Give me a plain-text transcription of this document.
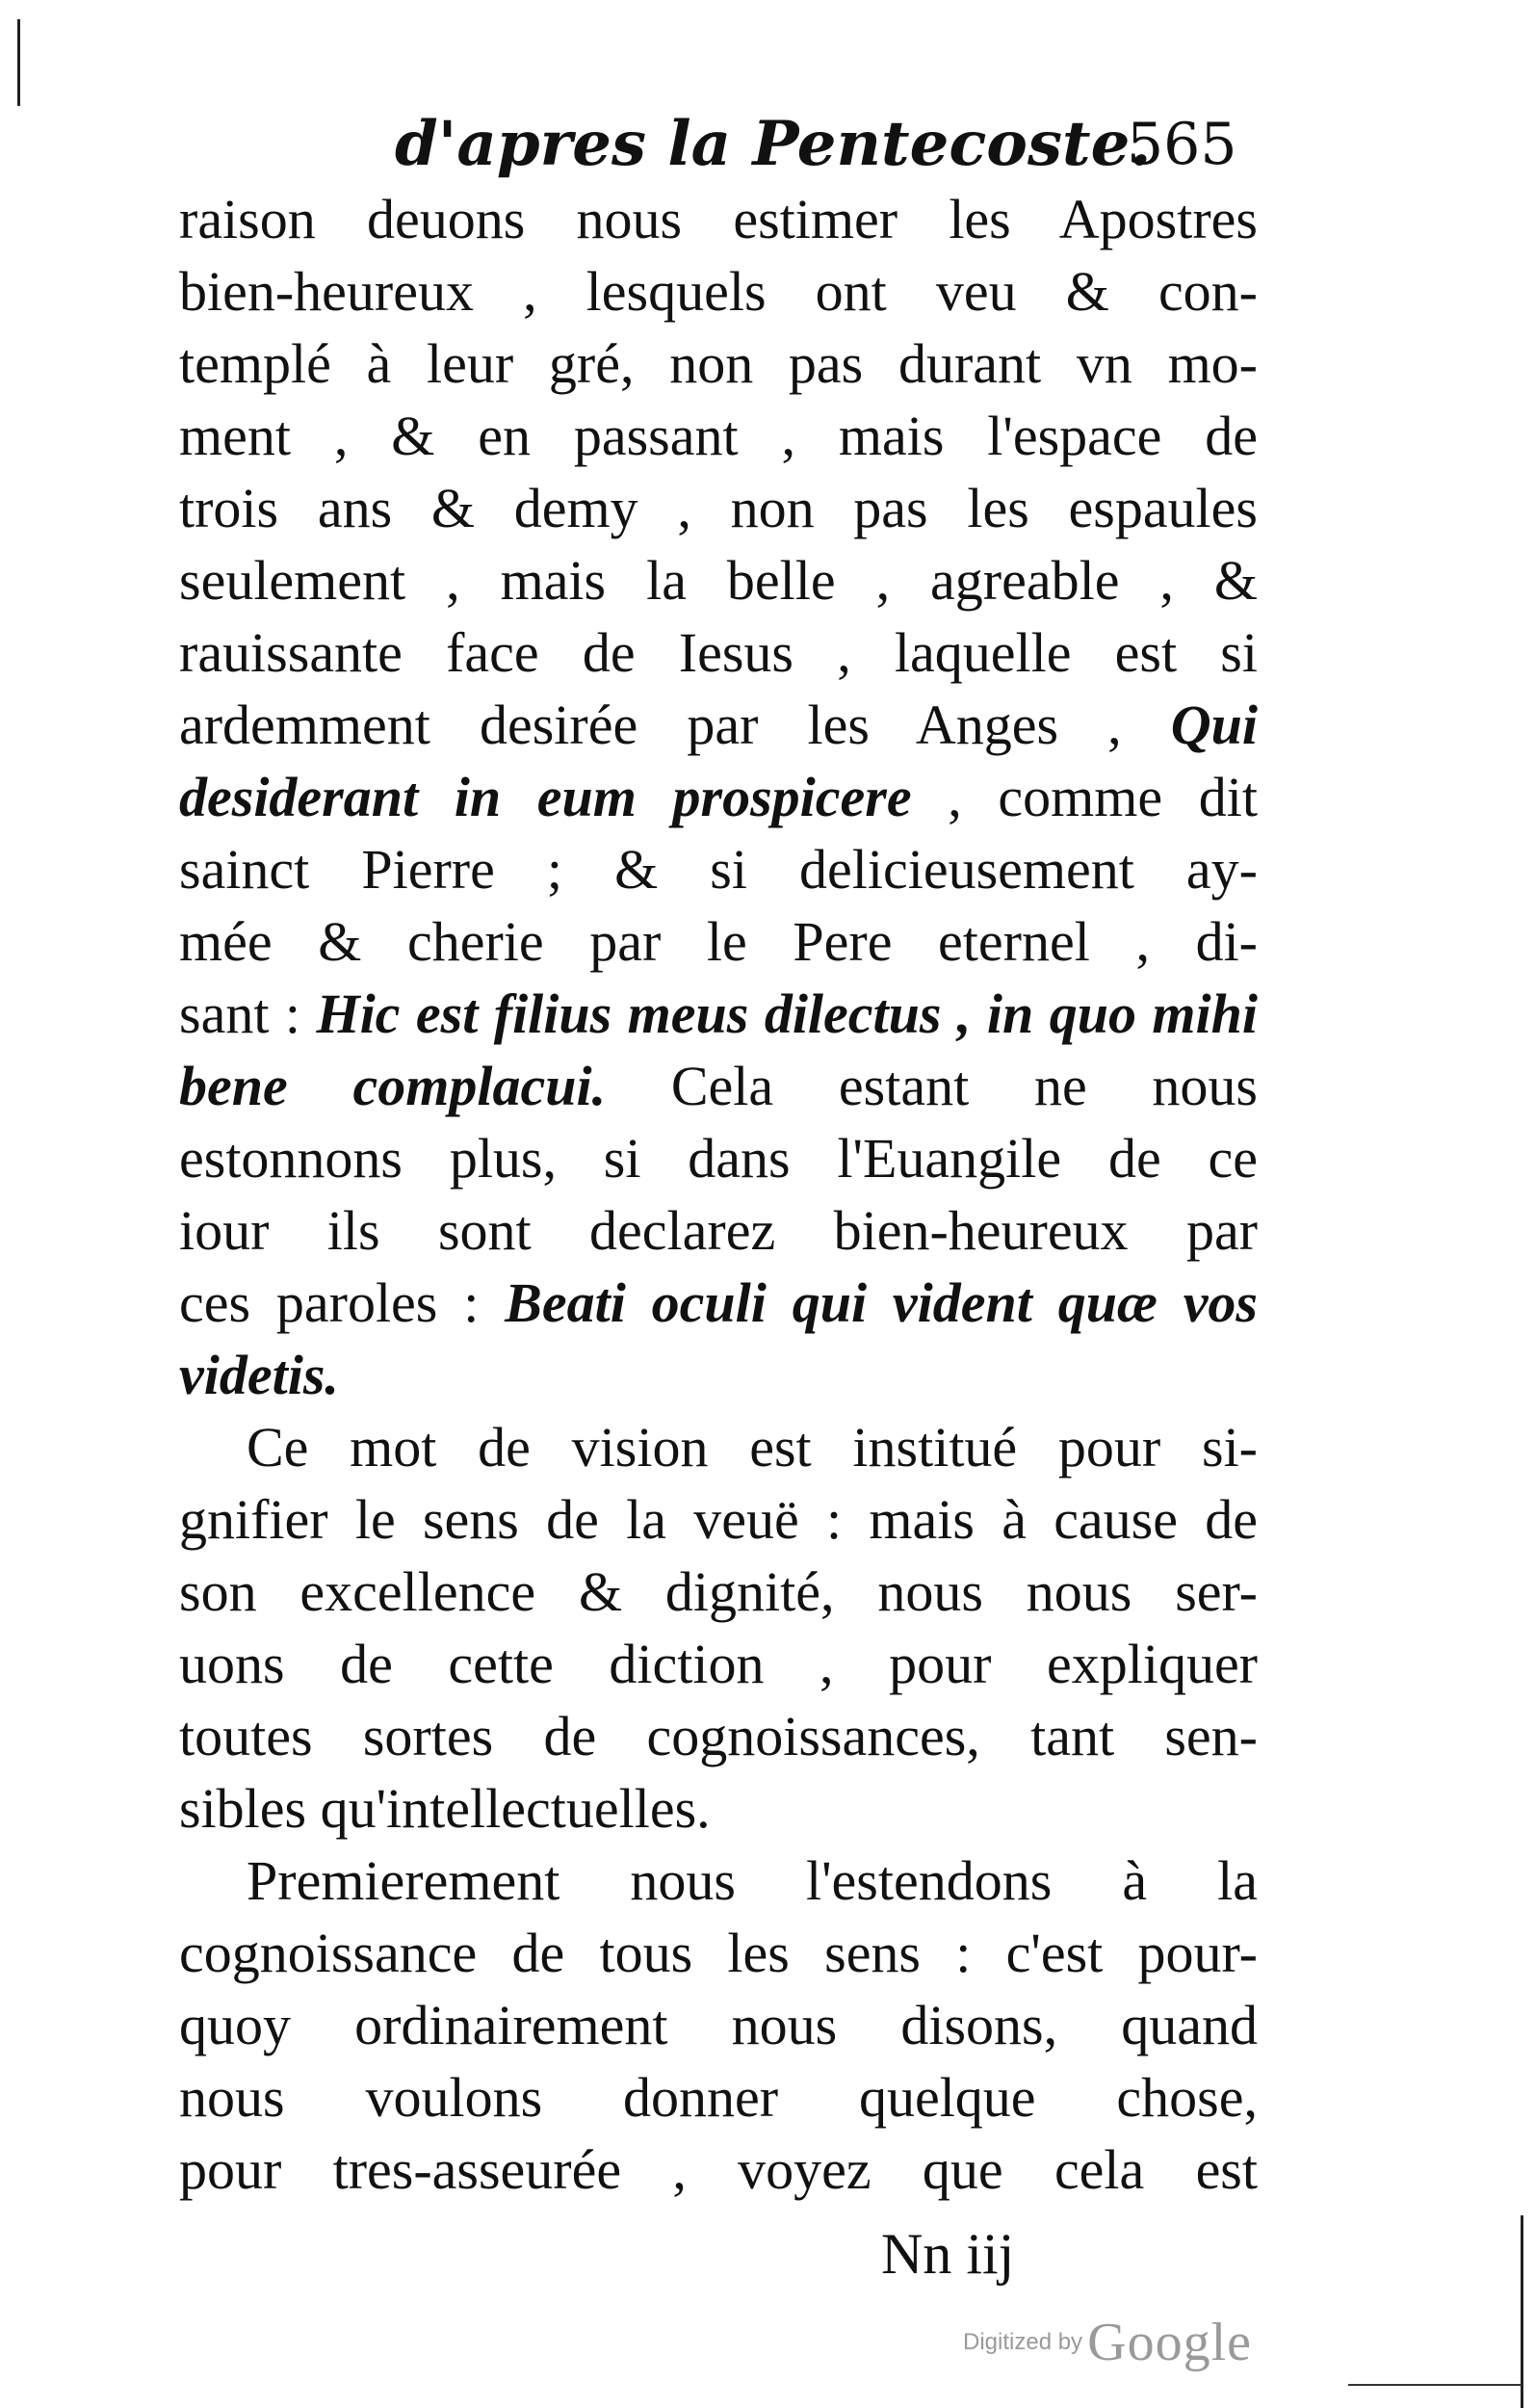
d'apres la Pentecoste.
565
raison deuons nous estimer les Apostres
bien-heureux , lesquels ont veu & con-
templé à leur gré, non pas durant vn mo-
ment , & en passant , mais l'espace de
trois ans & demy , non pas les espaules
seulement , mais la belle , agreable , &
rauissante face de Iesus , laquelle est si
ardemment desirée par les Anges , Qui
desiderant in eum prospicere , comme dit
sainct Pierre ; & si delicieusement ay-
mée & cherie par le Pere eternel , di-
sant : Hic est filius meus dilectus , in quo mihi
bene complacui. Cela estant ne nous
estonnons plus, si dans l'Euangile de ce
iour ils sont declarez bien-heureux par
ces paroles : Beati oculi qui vident quæ vos
videtis.
Ce mot de vision est institué pour si-
gnifier le sens de la veuë : mais à cause de
son excellence & dignité, nous nous ser-
uons de cette diction , pour expliquer
toutes sortes de cognoissances, tant sen-
sibles qu'intellectuelles.
Premierement nous l'estendons à la
cognoissance de tous les sens : c'est pour-
quoy ordinairement nous disons, quand
nous voulons donner quelque chose,
pour tres-asseurée , voyez que cela est
Nn iij
Digitized by Google
